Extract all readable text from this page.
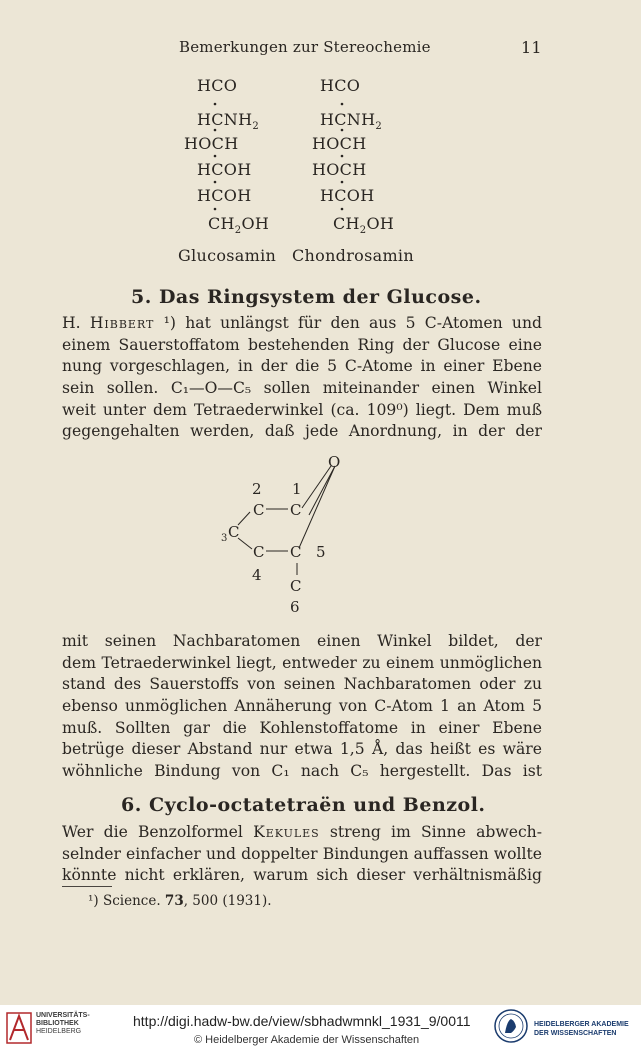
Bemerkungen zur Stereochemie	11
HCO
$HCNH_2$
HOCH
HCOH
HCOH
$CH_2OH$
Glucosamin
HCO
$HCNH_2$
HOCH
HOCH
HCOH
$CH_2OH$
Chondrosamin
5. Das Ringsystem der Glucose.
H. Hibbert ¹) hat unlängst für den aus 5 C-Atomen und
einem Sauerstoffatom bestehenden Ring der Glucose eine
nung vorgeschlagen, in der die 5 C-Atome in einer Ebene
sein sollen. C₁—O—C₅ sollen miteinander einen Winkel
weit unter dem Tetraederwinkel (ca. 109⁰) liegt. Dem muß
gegengehalten werden, daß jede Anordnung, in der der
O
2 1
C C
3 C
C C 5
4
C
6
mit seinen Nachbaratomen einen Winkel bildet, der
dem Tetraederwinkel liegt, entweder zu einem unmöglichen
stand des Sauerstoffs von seinen Nachbaratomen oder zu
ebenso unmöglichen Annäherung von C-Atom 1 an Atom 5
muß. Sollten gar die Kohlenstoffatome in einer Ebene
betrüge dieser Abstand nur etwa 1,5 Å, das heißt es wäre
wöhnliche Bindung von C₁ nach C₅ hergestellt. Das ist
6. Cyclo-octatetraën und Benzol.
Wer die Benzolformel Kekules streng im Sinne abwech-
selnder einfacher und doppelter Bindungen auffassen wollte
könnte nicht erklären, warum sich dieser verhältnismäßig
¹) Science. 73, 500 (1931).
UNIVERSITÄTS-
BIBLIOTHEK
HEIDELBERG
http://digi.hadw-bw.de/view/sbhadwmnkl_1931_9/0011
© Heidelberger Akademie der Wissenschaften
HEIDELBERGER AKADEMIE
DER WISSENSCHAFTEN
